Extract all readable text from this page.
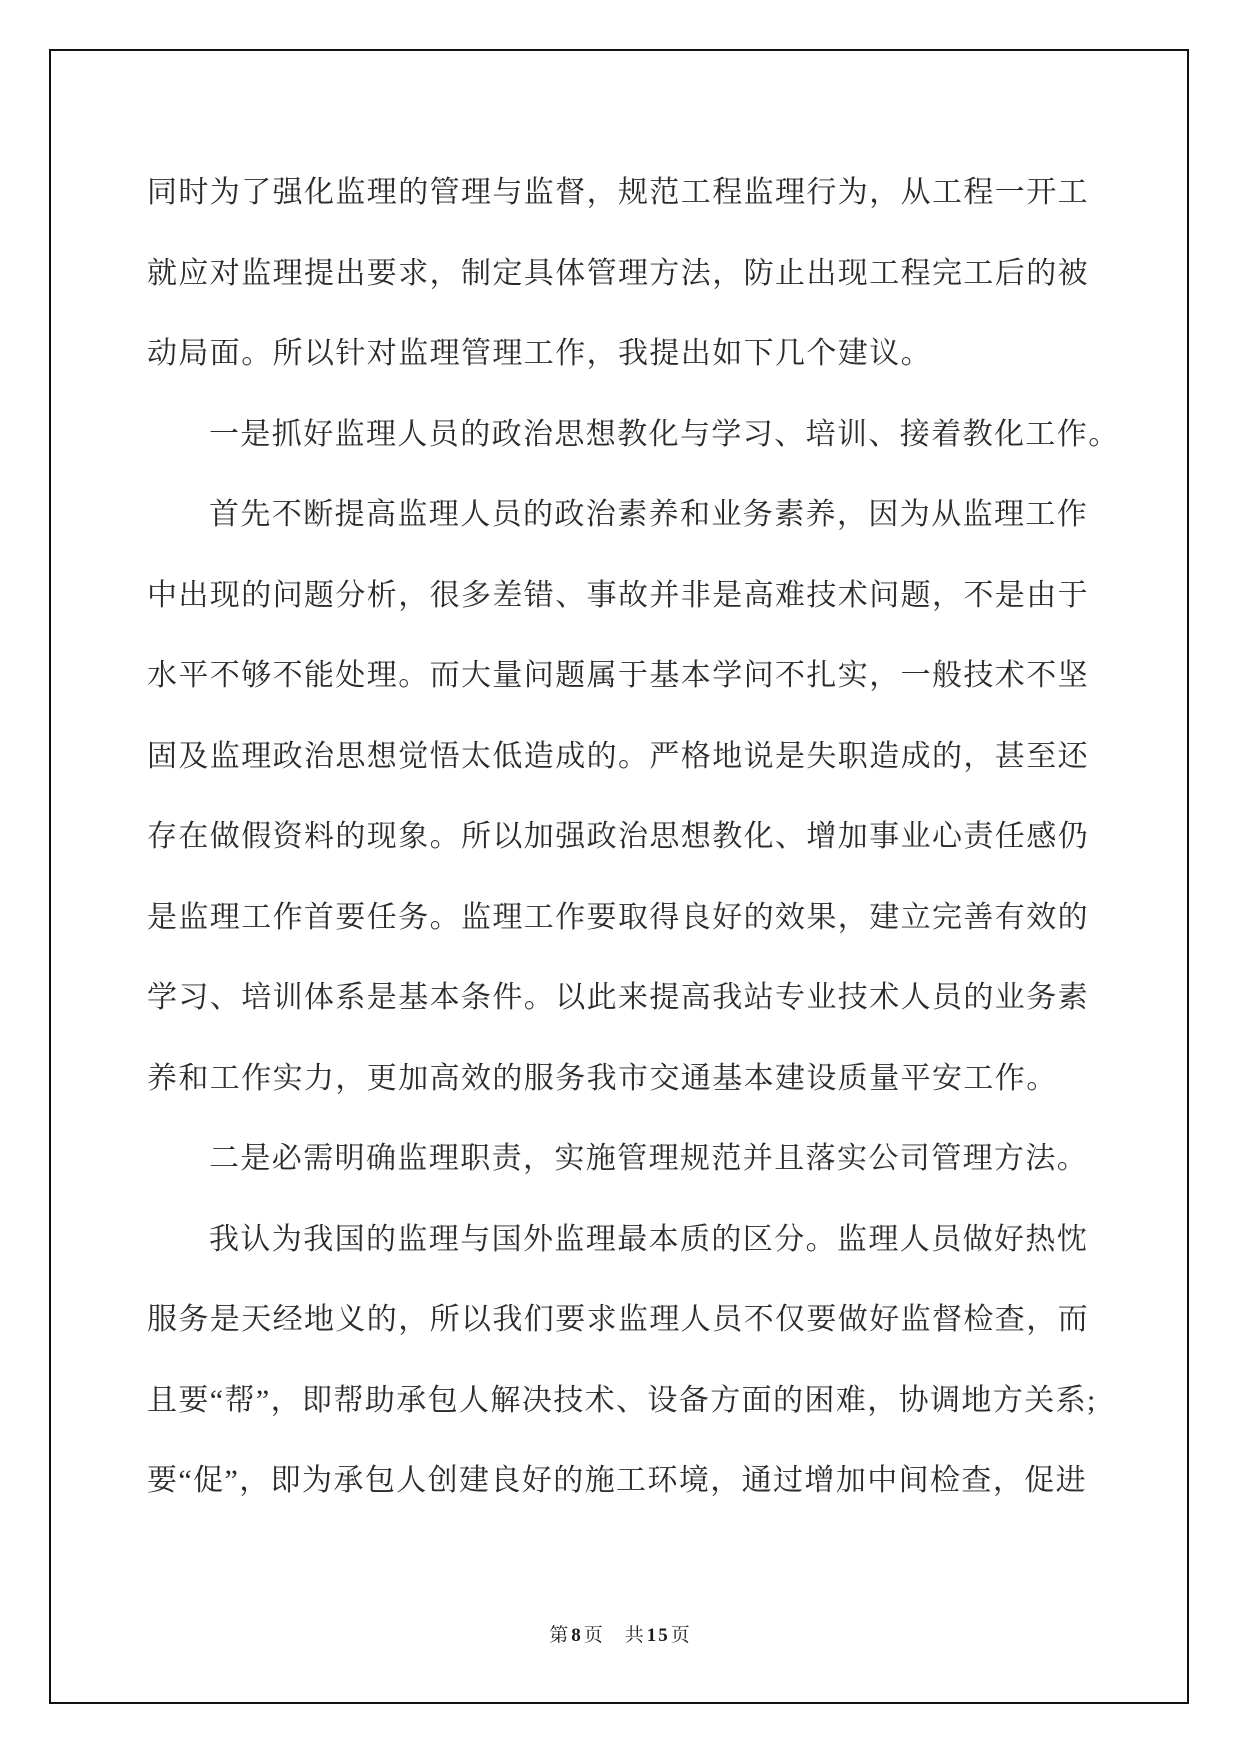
同时为了强化监理的管理与监督，规范工程监理行为，从工程一开工
就应对监理提出要求，制定具体管理方法，防止出现工程完工后的被
动局面。所以针对监理管理工作，我提出如下几个建议。
一是抓好监理人员的政治思想教化与学习、培训、接着教化工作。
首先不断提高监理人员的政治素养和业务素养，因为从监理工作
中出现的问题分析，很多差错、事故并非是高难技术问题，不是由于
水平不够不能处理。而大量问题属于基本学问不扎实，一般技术不坚
固及监理政治思想觉悟太低造成的。严格地说是失职造成的，甚至还
存在做假资料的现象。所以加强政治思想教化、增加事业心责任感仍
是监理工作首要任务。监理工作要取得良好的效果，建立完善有效的
学习、培训体系是基本条件。以此来提高我站专业技术人员的业务素
养和工作实力，更加高效的服务我市交通基本建设质量平安工作。
二是必需明确监理职责，实施管理规范并且落实公司管理方法。
我认为我国的监理与国外监理最本质的区分。监理人员做好热忱
服务是天经地义的，所以我们要求监理人员不仅要做好监督检查，而
且要“帮”，即帮助承包人解决技术、设备方面的困难，协调地方关系;
要“促”，即为承包人创建良好的施工环境，通过增加中间检查，促进
第8页 共15页
